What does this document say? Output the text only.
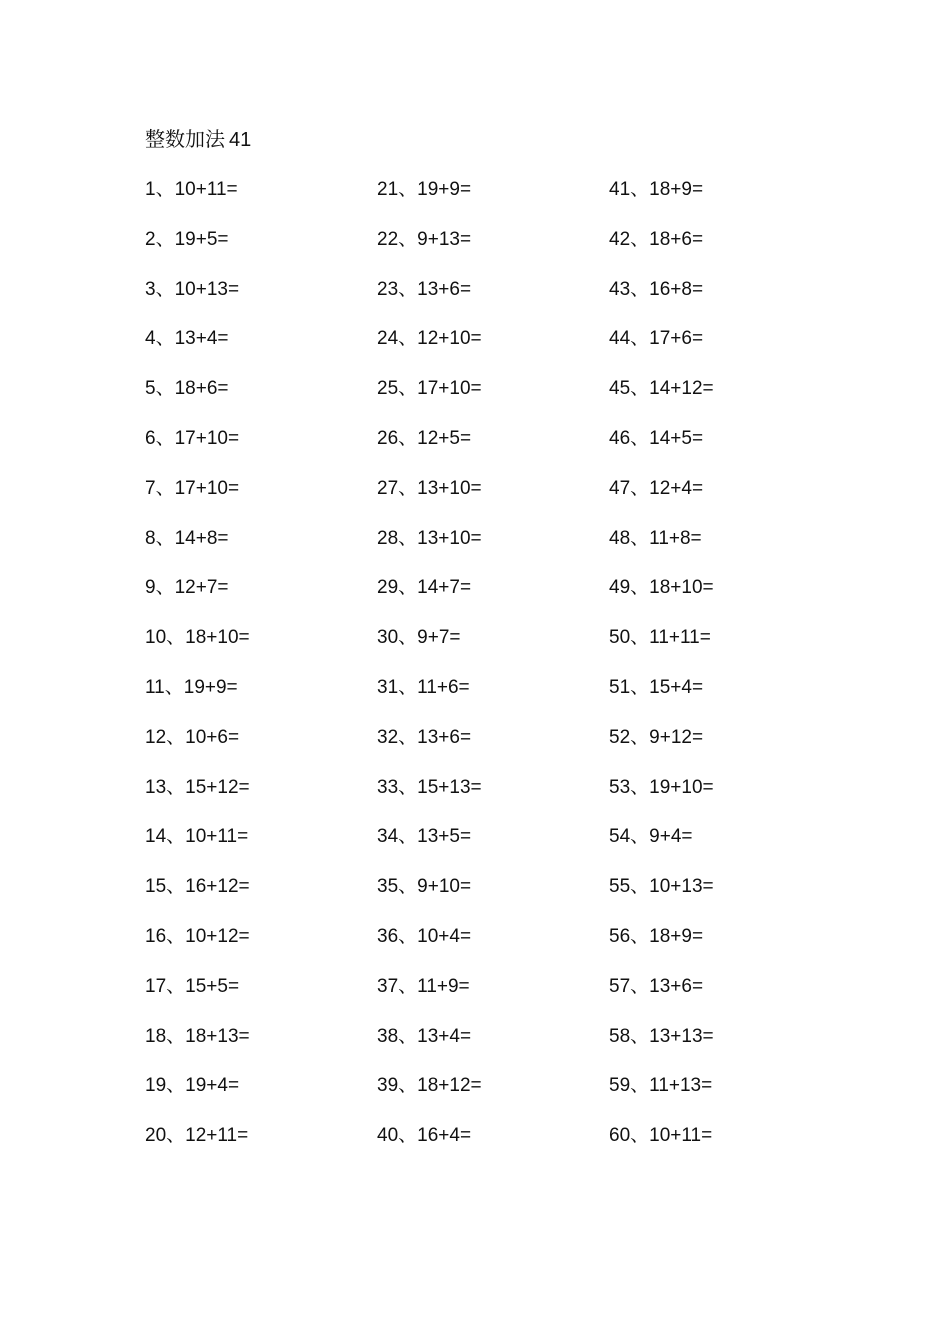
整数加法 41
1、10+11=
2、19+5=
3、10+13=
4、13+4=
5、18+6=
6、17+10=
7、17+10=
8、14+8=
9、12+7=
10、18+10=
11、19+9=
12、10+6=
13、15+12=
14、10+11=
15、16+12=
16、10+12=
17、15+5=
18、18+13=
19、19+4=
20、12+11=
21、19+9=
22、9+13=
23、13+6=
24、12+10=
25、17+10=
26、12+5=
27、13+10=
28、13+10=
29、14+7=
30、9+7=
31、11+6=
32、13+6=
33、15+13=
34、13+5=
35、9+10=
36、10+4=
37、11+9=
38、13+4=
39、18+12=
40、16+4=
41、18+9=
42、18+6=
43、16+8=
44、17+6=
45、14+12=
46、14+5=
47、12+4=
48、11+8=
49、18+10=
50、11+11=
51、15+4=
52、9+12=
53、19+10=
54、9+4=
55、10+13=
56、18+9=
57、13+6=
58、13+13=
59、11+13=
60、10+11=
